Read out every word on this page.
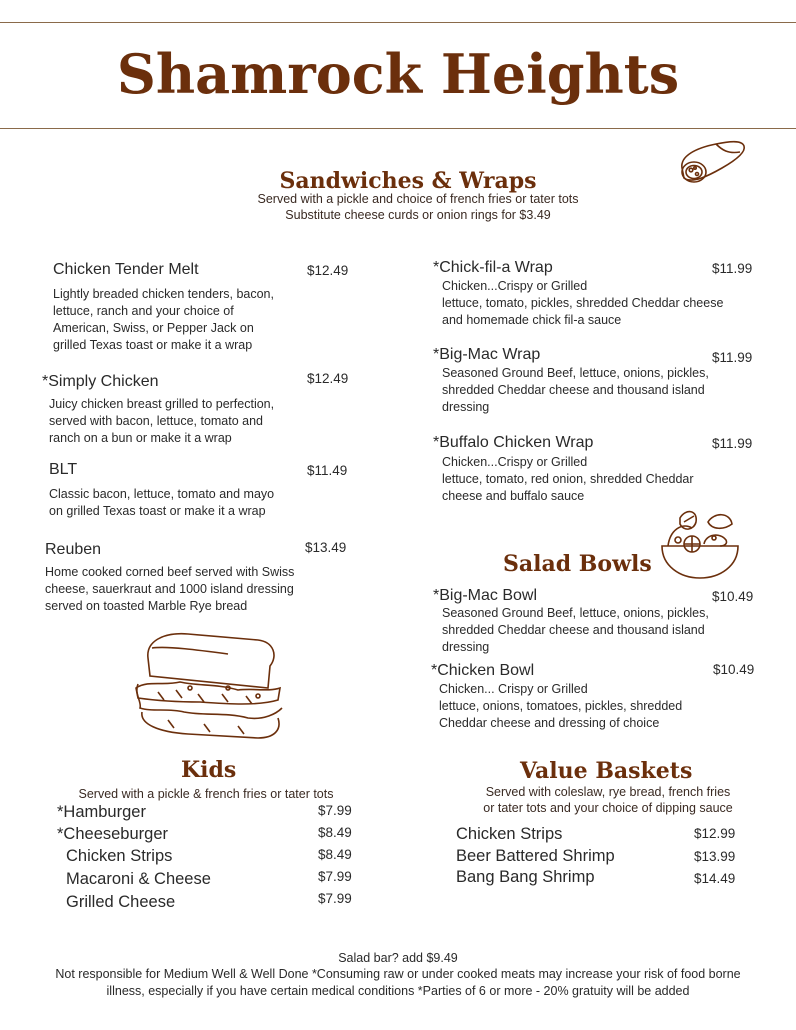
Shamrock Heights
Sandwiches & Wraps
Served with a pickle and choice of french fries or tater tots
Substitute cheese curds or onion rings for $3.49
Chicken Tender Melt	$12.49
Lightly breaded chicken tenders, bacon,
lettuce, ranch and your choice of
American, Swiss, or Pepper Jack on
grilled Texas toast or make it a wrap
*Simply Chicken	$12.49
Juicy chicken breast grilled to perfection,
served with bacon, lettuce, tomato and
ranch on a bun or make it a wrap
BLT	$11.49
Classic bacon, lettuce, tomato and mayo
on grilled Texas toast or make it a wrap
Reuben	$13.49
Home cooked corned beef served with Swiss
cheese, sauerkraut and 1000 island dressing
served on toasted Marble Rye bread
*Chick-fil-a Wrap	$11.99
Chicken...Crispy or Grilled
lettuce, tomato, pickles, shredded Cheddar cheese
and homemade chick fil-a sauce
*Big-Mac Wrap	$11.99
Seasoned Ground Beef, lettuce, onions, pickles,
shredded Cheddar cheese and thousand island
dressing
*Buffalo Chicken Wrap	$11.99
Chicken...Crispy or Grilled
lettuce, tomato, red onion, shredded Cheddar
cheese and buffalo sauce
Salad Bowls
*Big-Mac Bowl	$10.49
Seasoned Ground Beef, lettuce, onions, pickles,
shredded Cheddar cheese and thousand island
dressing
*Chicken Bowl	$10.49
Chicken... Crispy or Grilled
lettuce, onions, tomatoes, pickles, shredded
Cheddar cheese and dressing of choice
Kids
Served with a pickle & french fries or tater tots
*Hamburger	$7.99
*Cheeseburger	$8.49
Chicken Strips	$8.49
Macaroni & Cheese	$7.99
Grilled Cheese	$7.99
Value Baskets
Served with coleslaw, rye bread, french fries
or tater tots and your choice of dipping sauce
Chicken Strips	$12.99
Beer Battered Shrimp	$13.99
Bang Bang Shrimp	$14.49
Salad bar? add $9.49
Not responsible for Medium Well & Well Done *Consuming raw or under cooked meats may increase your risk of food borne
illness, especially if you have certain medical conditions *Parties of 6 or more - 20% gratuity will be added
